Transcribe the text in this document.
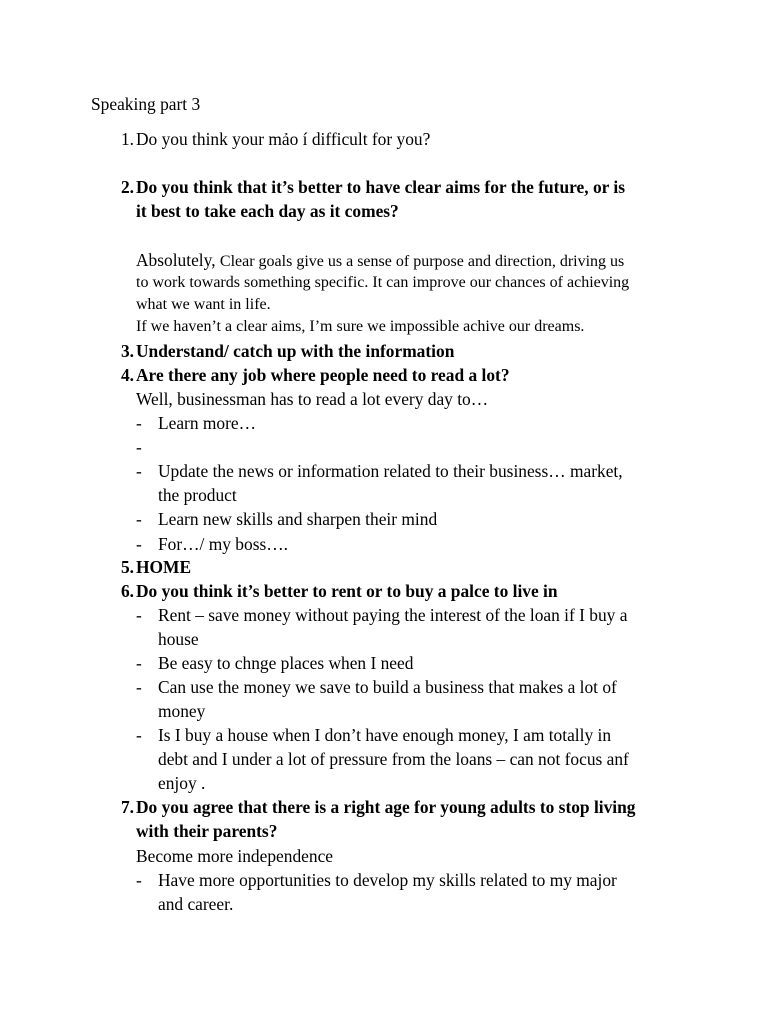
Speaking part 3
1. Do you think your mảo í difficult for you?
2. Do you think that it’s better to have clear aims for the future, or is
it best to take each day as it comes?
Absolutely, Clear goals give us a sense of purpose and direction, driving us
to work towards something specific. It can improve our chances of achieving
what we want in life.
If we haven’t a clear aims, I’m sure we impossible achive our dreams.
3. Understand/ catch up with the information
4. Are there any job where people need to read a lot?
Well, businessman has to read a lot every day to…
- Learn more…
-
- Update the news or information related to their business… market,
the product
- Learn new skills and sharpen their mind
- For…/ my boss….
5. HOME
6. Do you think it’s better to rent or to buy a palce to live in
- Rent – save money without paying the interest of the loan if I buy a
house
- Be easy to chnge places when I need
- Can use the money we save to build a business that makes a lot of
money
- Is I buy a house when I don’t have enough money, I am totally in
debt and I under a lot of pressure from the loans – can not focus anf
enjoy .
7. Do you agree that there is a right age for young adults to stop living
with their parents?
Become more independence
- Have more opportunities to develop my skills related to my major
and career.
